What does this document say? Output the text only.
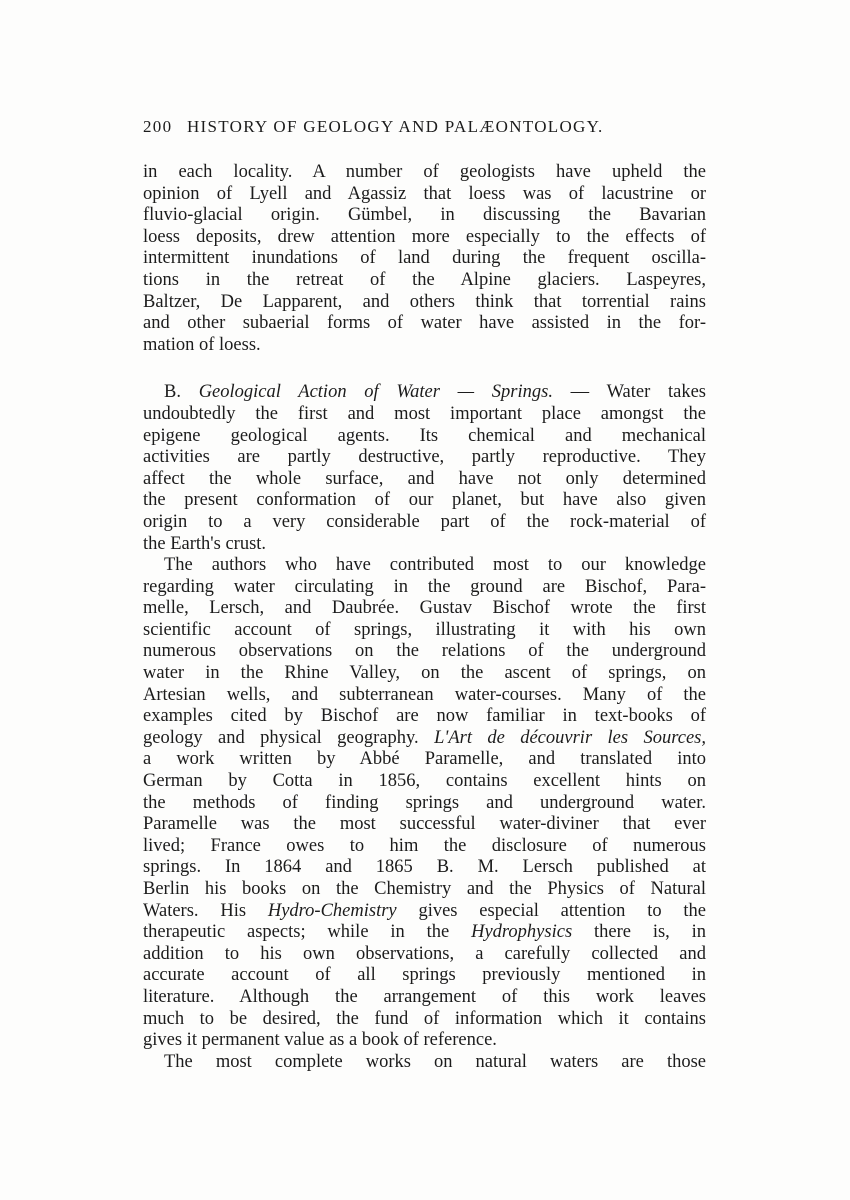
200 HISTORY OF GEOLOGY AND PALÆONTOLOGY.
in each locality. A number of geologists have upheld the
opinion of Lyell and Agassiz that loess was of lacustrine or
fluvio-glacial origin. Gümbel, in discussing the Bavarian
loess deposits, drew attention more especially to the effects of
intermittent inundations of land during the frequent oscilla-
tions in the retreat of the Alpine glaciers. Laspeyres,
Baltzer, De Lapparent, and others think that torrential rains
and other subaerial forms of water have assisted in the for-
mation of loess.
B. Geological Action of Water — Springs. — Water takes
undoubtedly the first and most important place amongst the
epigene geological agents. Its chemical and mechanical
activities are partly destructive, partly reproductive. They
affect the whole surface, and have not only determined
the present conformation of our planet, but have also given
origin to a very considerable part of the rock-material of
the Earth's crust.
The authors who have contributed most to our knowledge
regarding water circulating in the ground are Bischof, Para-
melle, Lersch, and Daubrée. Gustav Bischof wrote the first
scientific account of springs, illustrating it with his own
numerous observations on the relations of the underground
water in the Rhine Valley, on the ascent of springs, on
Artesian wells, and subterranean water-courses. Many of the
examples cited by Bischof are now familiar in text-books of
geology and physical geography. L'Art de découvrir les Sources,
a work written by Abbé Paramelle, and translated into
German by Cotta in 1856, contains excellent hints on
the methods of finding springs and underground water.
Paramelle was the most successful water-diviner that ever
lived; France owes to him the disclosure of numerous
springs. In 1864 and 1865 B. M. Lersch published at
Berlin his books on the Chemistry and the Physics of Natural
Waters. His Hydro-Chemistry gives especial attention to the
therapeutic aspects; while in the Hydrophysics there is, in
addition to his own observations, a carefully collected and
accurate account of all springs previously mentioned in
literature. Although the arrangement of this work leaves
much to be desired, the fund of information which it contains
gives it permanent value as a book of reference.
The most complete works on natural waters are those
